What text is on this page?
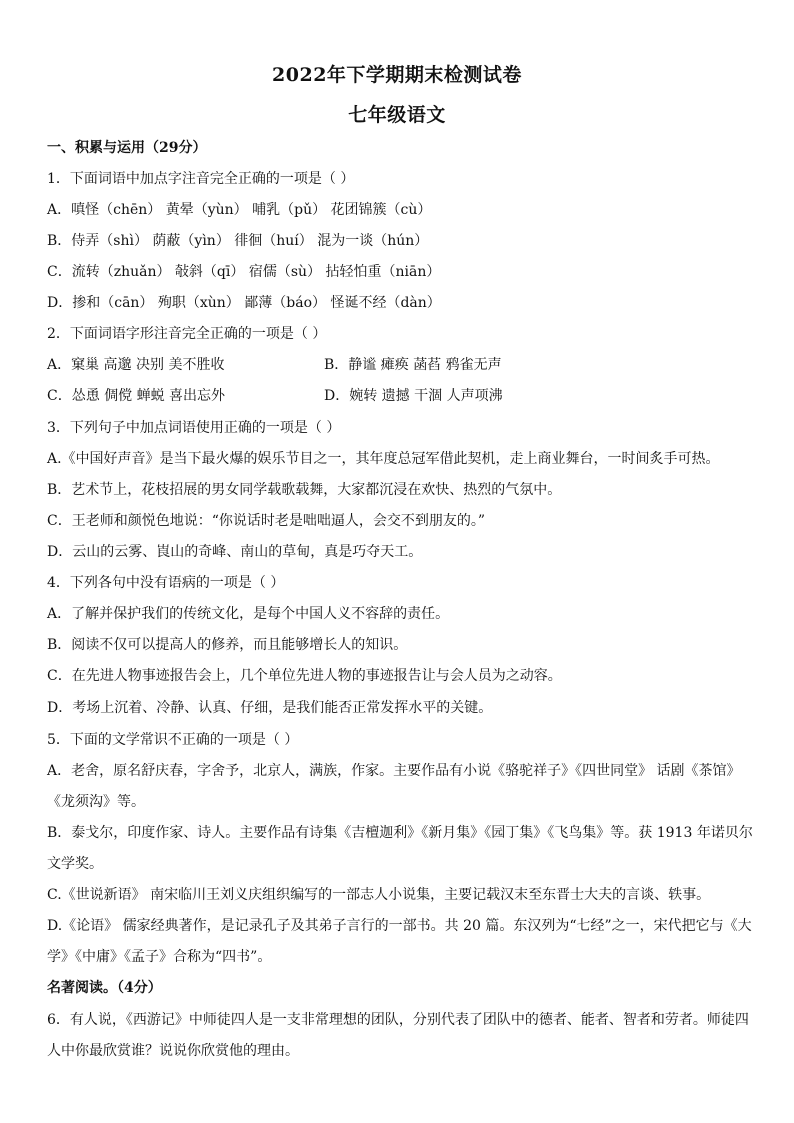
2022年下学期期末检测试卷
七年级语文
一、积累与运用（29分）
1．下面词语中加点字注音完全正确的一项是（ ）
A．嗔怪（chēn） 黄晕（yùn） 哺乳（pǔ） 花团锦簇（cù）
B．侍弄（shì） 荫蔽（yìn） 徘徊（huí） 混为一谈（hún）
C．流转（zhuǎn） 敧斜（qī） 宿儒（sù） 拈轻怕重（niān）
D．掺和（cān） 殉职（xùn） 鄙薄（báo） 怪诞不经（dàn）
2．下面词语字形注音完全正确的一项是（ ）
A．窠巢 高邈 决别 美不胜收	B．静谧 瘫痪 菡萏 鸦雀无声
C．怂恿 倜傥 蝉蜕 喜出忘外	D．婉转 遗撼 干涸 人声项沸
3．下列句子中加点词语使用正确的一项是（ ）
A.《中国好声音》是当下最火爆的娱乐节目之一，其年度总冠军借此契机，走上商业舞台，一时间炙手可热。
B．艺术节上，花枝招展的男女同学载歌载舞，大家都沉浸在欢快、热烈的气氛中。
C．王老师和颜悦色地说：“你说话时老是咄咄逼人，会交不到朋友的。”
D．云山的云雾、崀山的奇峰、南山的草甸，真是巧夺天工。
4．下列各句中没有语病的一项是（ ）
A．了解并保护我们的传统文化，是每个中国人义不容辞的责任。
B．阅读不仅可以提高人的修养，而且能够增长人的知识。
C．在先进人物事迹报告会上，几个单位先进人物的事迹报告让与会人员为之动容。
D．考场上沉着、冷静、认真、仔细，是我们能否正常发挥水平的关键。
5．下面的文学常识不正确的一项是（ ）
A．老舍，原名舒庆春，字舍予，北京人，满族，作家。主要作品有小说《骆驼祥子》《四世同堂》 话剧《茶馆》
《龙须沟》等。
B．泰戈尔，印度作家、诗人。主要作品有诗集《吉檀迦利》《新月集》《园丁集》《飞鸟集》等。获 1913 年诺贝尔
文学奖。
C.《世说新语》 南宋临川王刘义庆组织编写的一部志人小说集，主要记载汉末至东晋士大夫的言谈、轶事。
D.《论语》 儒家经典著作，是记录孔子及其弟子言行的一部书。共 20 篇。东汉列为“七经”之一，宋代把它与《大
学》《中庸》《孟子》合称为“四书”。
名著阅读。（4分）
6．有人说，《西游记》中师徒四人是一支非常理想的团队，分别代表了团队中的德者、能者、智者和劳者。师徒四
人中你最欣赏谁？说说你欣赏他的理由。
